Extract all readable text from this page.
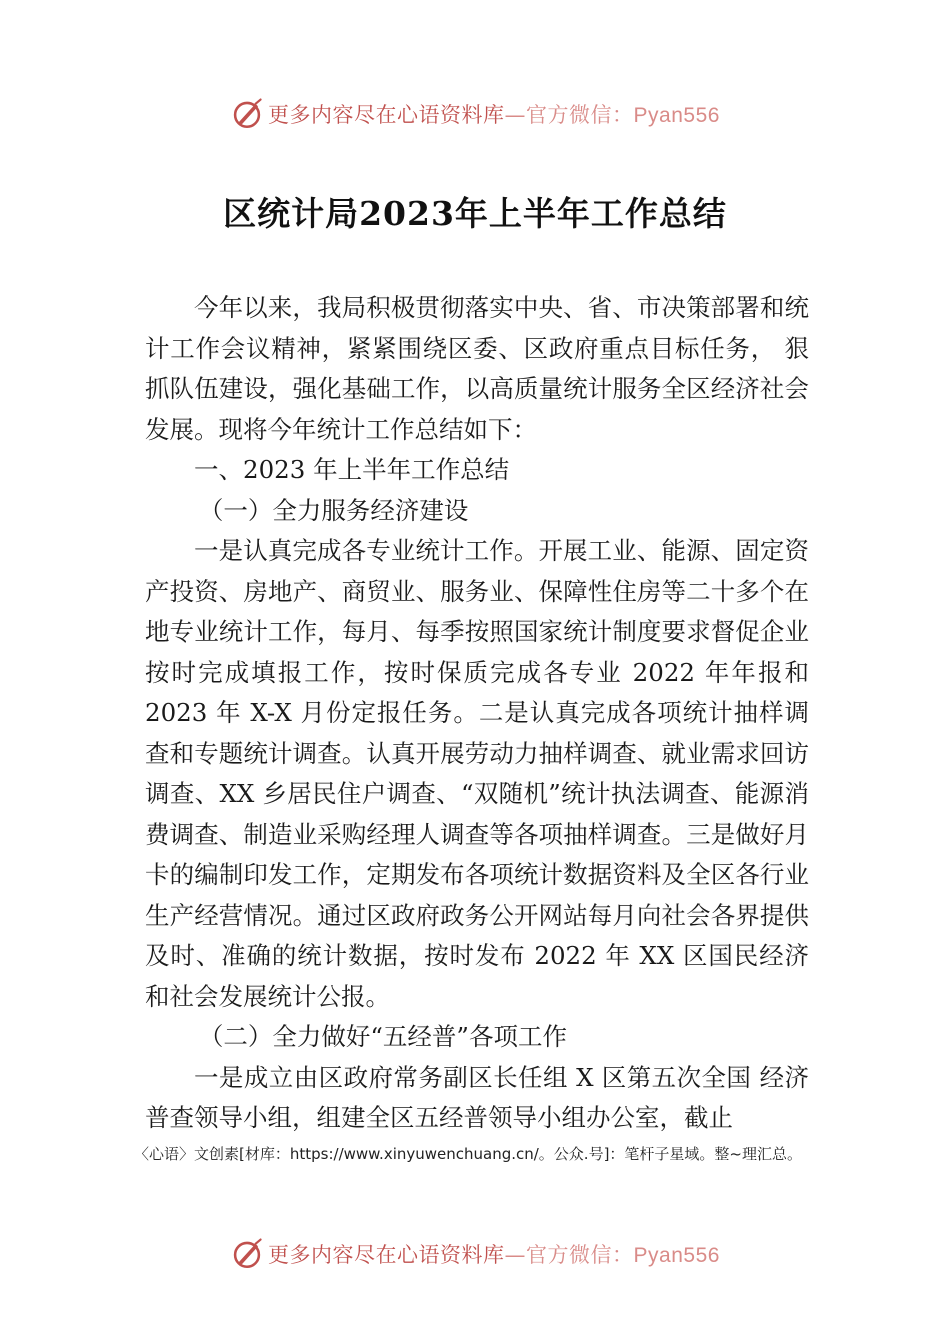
更多内容尽在心语资料库—官方微信：Pyan556
区统计局2023年上半年工作总结

今年以来，我局积极贯彻落实中央、省、市决策部署和统计工作会议精神，紧紧围绕区委、区政府重点目标任务， 狠抓队伍建设，强化基础工作，以高质量统计服务全区经济社会发展。现将今年统计工作总结如下：

一、2023 年上半年工作总结

（一）全力服务经济建设

一是认真完成各专业统计工作。开展工业、能源、固定资产投资、房地产、商贸业、服务业、保障性住房等二十多个在地专业统计工作，每月、每季按照国家统计制度要求督促企业按时完成填报工作，按时保质完成各专业 2022 年年报和 2023 年 X-X 月份定报任务。二是认真完成各项统计抽样调查和专题统计调查。认真开展劳动力抽样调查、就业需求回访调查、XX 乡居民住户调查、“双随机”统计执法调查、能源消费调查、制造业采购经理人调查等各项抽样调查。三是做好月卡的编制印发工作，定期发布各项统计数据资料及全区各行业生产经营情况。通过区政府政务公开网站每月向社会各界提供及时、准确的统计数据，按时发布 2022 年 XX 区国民经济和社会发展统计公报。

（二）全力做好“五经普”各项工作

一是成立由区政府常务副区长任组 X 区第五次全国 经济普查领导小组，组建全区五经普领导小组办公室，截止

〈心语〉文创素[材库：https://www.xinyuwenchuang.cn/。公众.号]：笔杆子星域。整~理汇总。
更多内容尽在心语资料库—官方微信：Pyan556
